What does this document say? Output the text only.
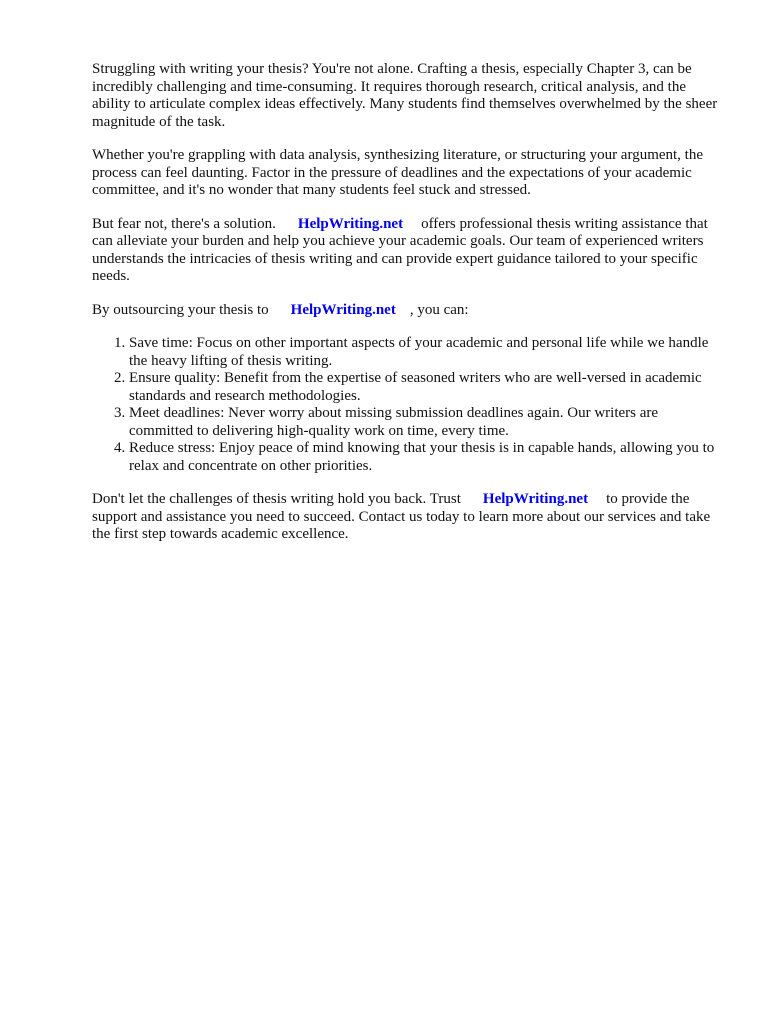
Struggling with writing your thesis? You're not alone. Crafting a thesis, especially Chapter 3, can be incredibly challenging and time-consuming. It requires thorough research, critical analysis, and the ability to articulate complex ideas effectively. Many students find themselves overwhelmed by the sheer magnitude of the task.

Whether you're grappling with data analysis, synthesizing literature, or structuring your argument, the process can feel daunting. Factor in the pressure of deadlines and the expectations of your academic committee, and it's no wonder that many students feel stuck and stressed.

But fear not, there's a solution. HelpWriting.net offers professional thesis writing assistance that can alleviate your burden and help you achieve your academic goals. Our team of experienced writers understands the intricacies of thesis writing and can provide expert guidance tailored to your specific needs.

By outsourcing your thesis to HelpWriting.net , you can:

1. Save time: Focus on other important aspects of your academic and personal life while we handle the heavy lifting of thesis writing.
2. Ensure quality: Benefit from the expertise of seasoned writers who are well-versed in academic standards and research methodologies.
3. Meet deadlines: Never worry about missing submission deadlines again. Our writers are committed to delivering high-quality work on time, every time.
4. Reduce stress: Enjoy peace of mind knowing that your thesis is in capable hands, allowing you to relax and concentrate on other priorities.

Don't let the challenges of thesis writing hold you back. Trust HelpWriting.net to provide the support and assistance you need to succeed. Contact us today to learn more about our services and take the first step towards academic excellence.
